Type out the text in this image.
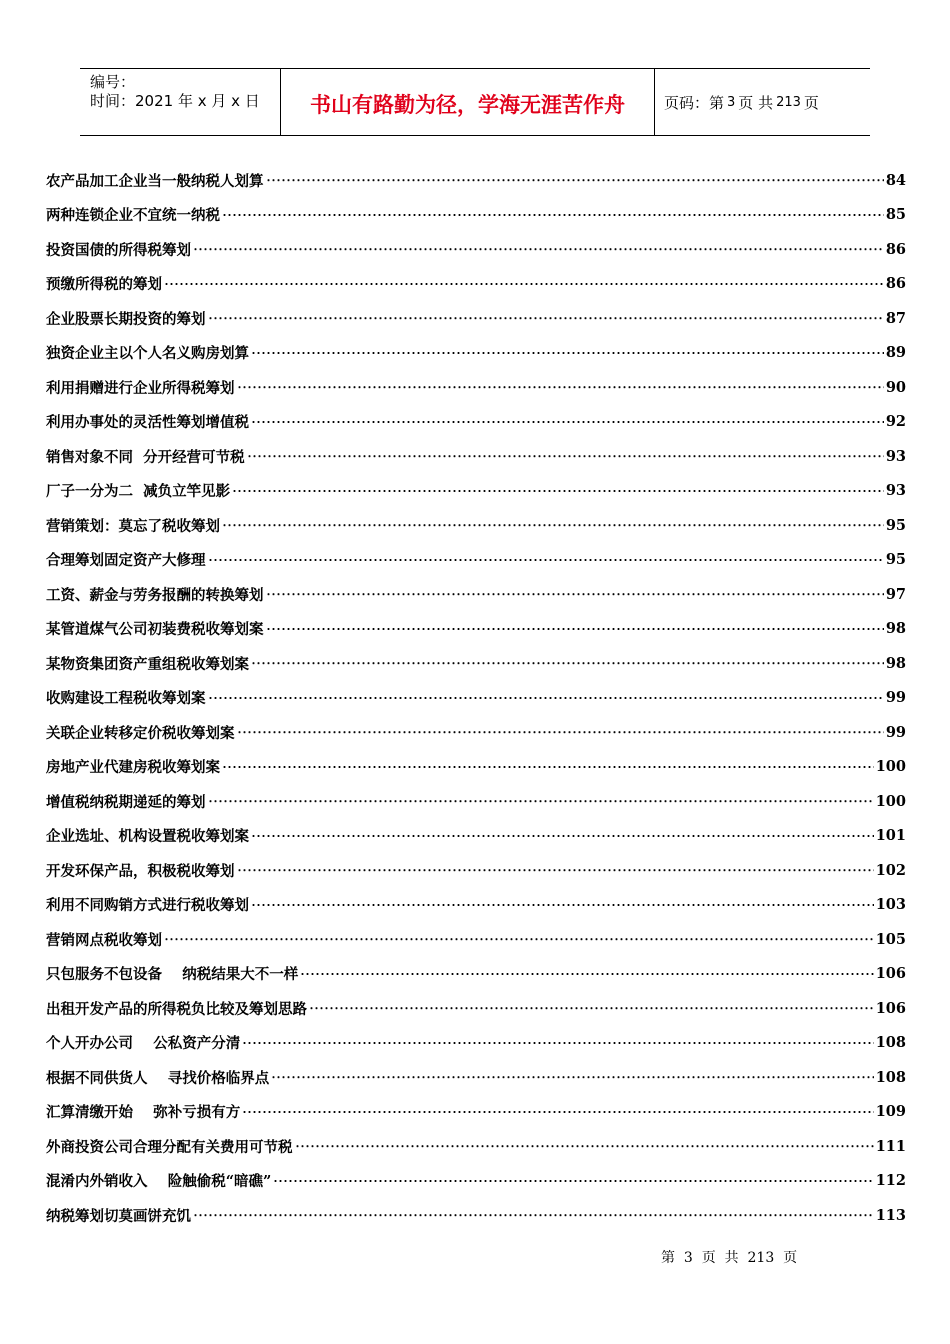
编号：
时间：2021 年 x 月 x 日	书山有路勤为径，学海无涯苦作舟	页码：第 3 页 共 213 页
农产品加工企业当一般纳税人划算	84
两种连锁企业不宜统一纳税	85
投资国债的所得税筹划	86
预缴所得税的筹划	86
企业股票长期投资的筹划	87
独资企业主以个人名义购房划算	89
利用捐赠进行企业所得税筹划	90
利用办事处的灵活性筹划增值税	92
销售对象不同  分开经营可节税	93
厂子一分为二  减负立竿见影	93
营销策划：莫忘了税收筹划	95
合理筹划固定资产大修理	95
工资、薪金与劳务报酬的转换筹划	97
某管道煤气公司初装费税收筹划案	98
某物资集团资产重组税收筹划案	98
收购建设工程税收筹划案	99
关联企业转移定价税收筹划案	99
房地产业代建房税收筹划案	100
增值税纳税期递延的筹划	100
企业选址、机构设置税收筹划案	101
开发环保产品，积极税收筹划	102
利用不同购销方式进行税收筹划	103
营销网点税收筹划	105
只包服务不包设备    纳税结果大不一样	106
出租开发产品的所得税负比较及筹划思路	106
个人开办公司    公私资产分清	108
根据不同供货人    寻找价格临界点	108
汇算清缴开始    弥补亏损有方	109
外商投资公司合理分配有关费用可节税	111
混淆内外销收入    险触偷税“暗礁”	112
纳税筹划切莫画饼充饥	113
第  3  页  共  213  页
